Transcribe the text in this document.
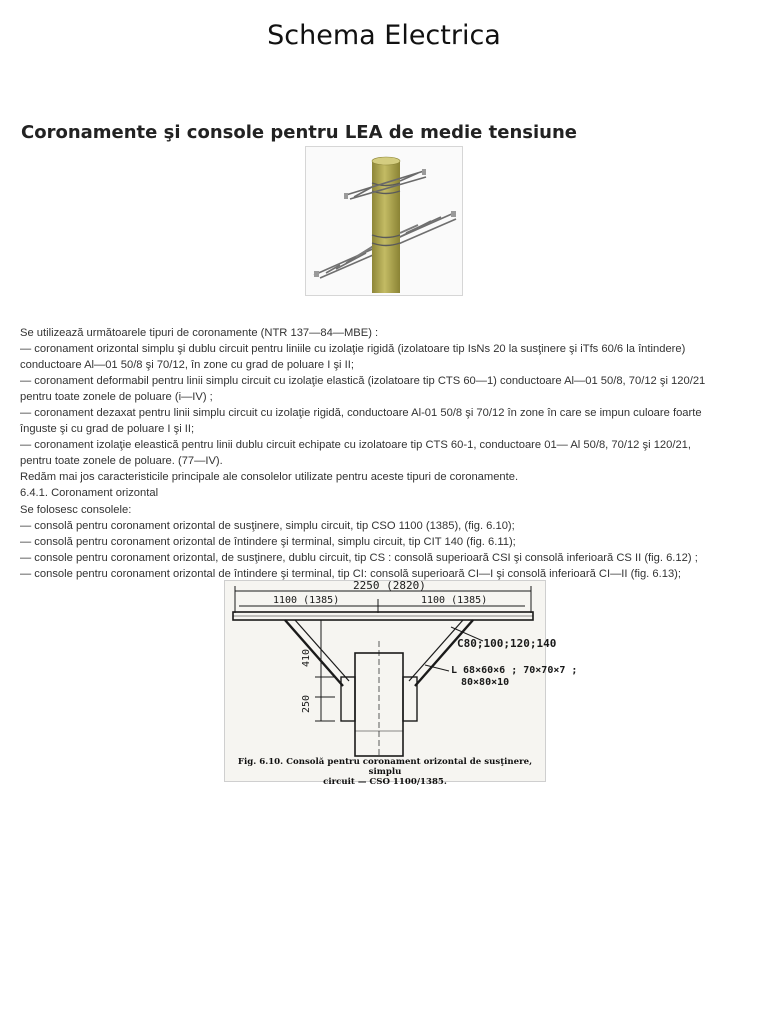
Schema Electrica
Coronamente şi console pentru LEA de medie tensiune

Se utilizează următoarele tipuri de coronamente (NTR 137—84—MBE) :

— coronament orizontal simplu şi dublu circuit pentru liniile cu izolaţie rigidă (izolatoare tip IsNs 20 la susţinere şi iTfs 60/6 la întindere)

conductoare Al—01 50/8 şi 70/12, în zone cu grad de poluare I şi II;

— coronament deformabil pentru linii simplu circuit cu izolaţie elastică (izolatoare tip CTS 60—1) conductoare Al—01 50/8, 70/12 şi 120/21

pentru toate zonele de poluare (i—IV) ;

— coronament dezaxat pentru linii simplu circuit cu izolaţie rigidă, conductoare Al-01 50/8 şi 70/12 în zone în care se impun culoare foarte

înguste şi cu grad de poluare I şi II;

— coronament izolaţie eleastică pentru linii dublu circuit echipate cu izolatoare tip CTS 60-1, conductoare 01— Al 50/8, 70/12 şi 120/21,

pentru toate zonele de poluare. (77—IV).

Redăm mai jos caracteristicile principale ale consolelor utilizate pentru aceste tipuri de coronamente.

6.4.1. Coronament orizontal

Se folosesc consolele:

— consolă pentru coronament orizontal de susţinere, simplu circuit, tip CSO 1100 (1385), (fig. 6.10);

— consolă pentru coronament orizontal de întindere şi terminal, simplu circuit, tip CIT 140 (fig. 6.11);

— console pentru coronament orizontal, de susţinere, dublu circuit, tip CS : consolă superioară CSI şi consolă inferioară CS II (fig. 6.12) ;

— console pentru coronament orizontal de întindere şi terminal, tip CI: consolă superioară CI—I şi consolă inferioară CI—II (fig. 6.13);

2250 (2820)
1100 (1385)	1100 (1385)
410
250
C80;100;120;140
L 68×60×6 ; 70×70×7 ;
80×80×10
Fig. 6.10. Consolă pentru coronament orizontal de susţinere, simplu
circuit — CSO 1100/1385.
